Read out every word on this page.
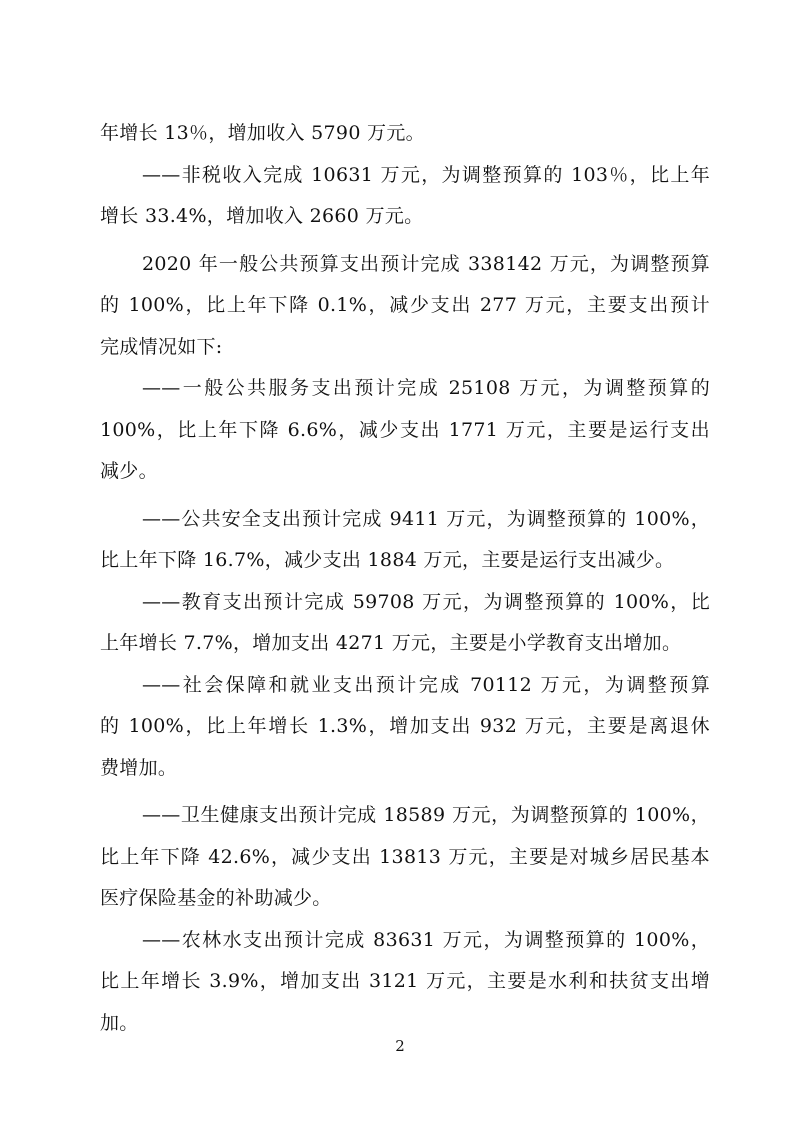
年增长 13％，增加收入 5790 万元。
——非税收入完成 10631 万元，为调整预算的 103％，比上年
增长 33.4%，增加收入 2660 万元。
2020 年一般公共预算支出预计完成 338142 万元，为调整预算
的 100%，比上年下降 0.1%，减少支出 277 万元，主要支出预计
完成情况如下:
——一般公共服务支出预计完成 25108 万元，为调整预算的
100%，比上年下降 6.6%，减少支出 1771 万元，主要是运行支出
减少。
——公共安全支出预计完成 9411 万元，为调整预算的 100%，
比上年下降 16.7%，减少支出 1884 万元，主要是运行支出减少。
——教育支出预计完成 59708 万元，为调整预算的 100%，比
上年增长 7.7%，增加支出 4271 万元，主要是小学教育支出增加。
——社会保障和就业支出预计完成 70112 万元，为调整预算
的 100%，比上年增长 1.3%，增加支出 932 万元，主要是离退休
费增加。
——卫生健康支出预计完成 18589 万元，为调整预算的 100%，
比上年下降 42.6%，减少支出 13813 万元，主要是对城乡居民基本
医疗保险基金的补助减少。
——农林水支出预计完成 83631 万元，为调整预算的 100%，
比上年增长 3.9%，增加支出 3121 万元，主要是水利和扶贫支出增
加。
2
